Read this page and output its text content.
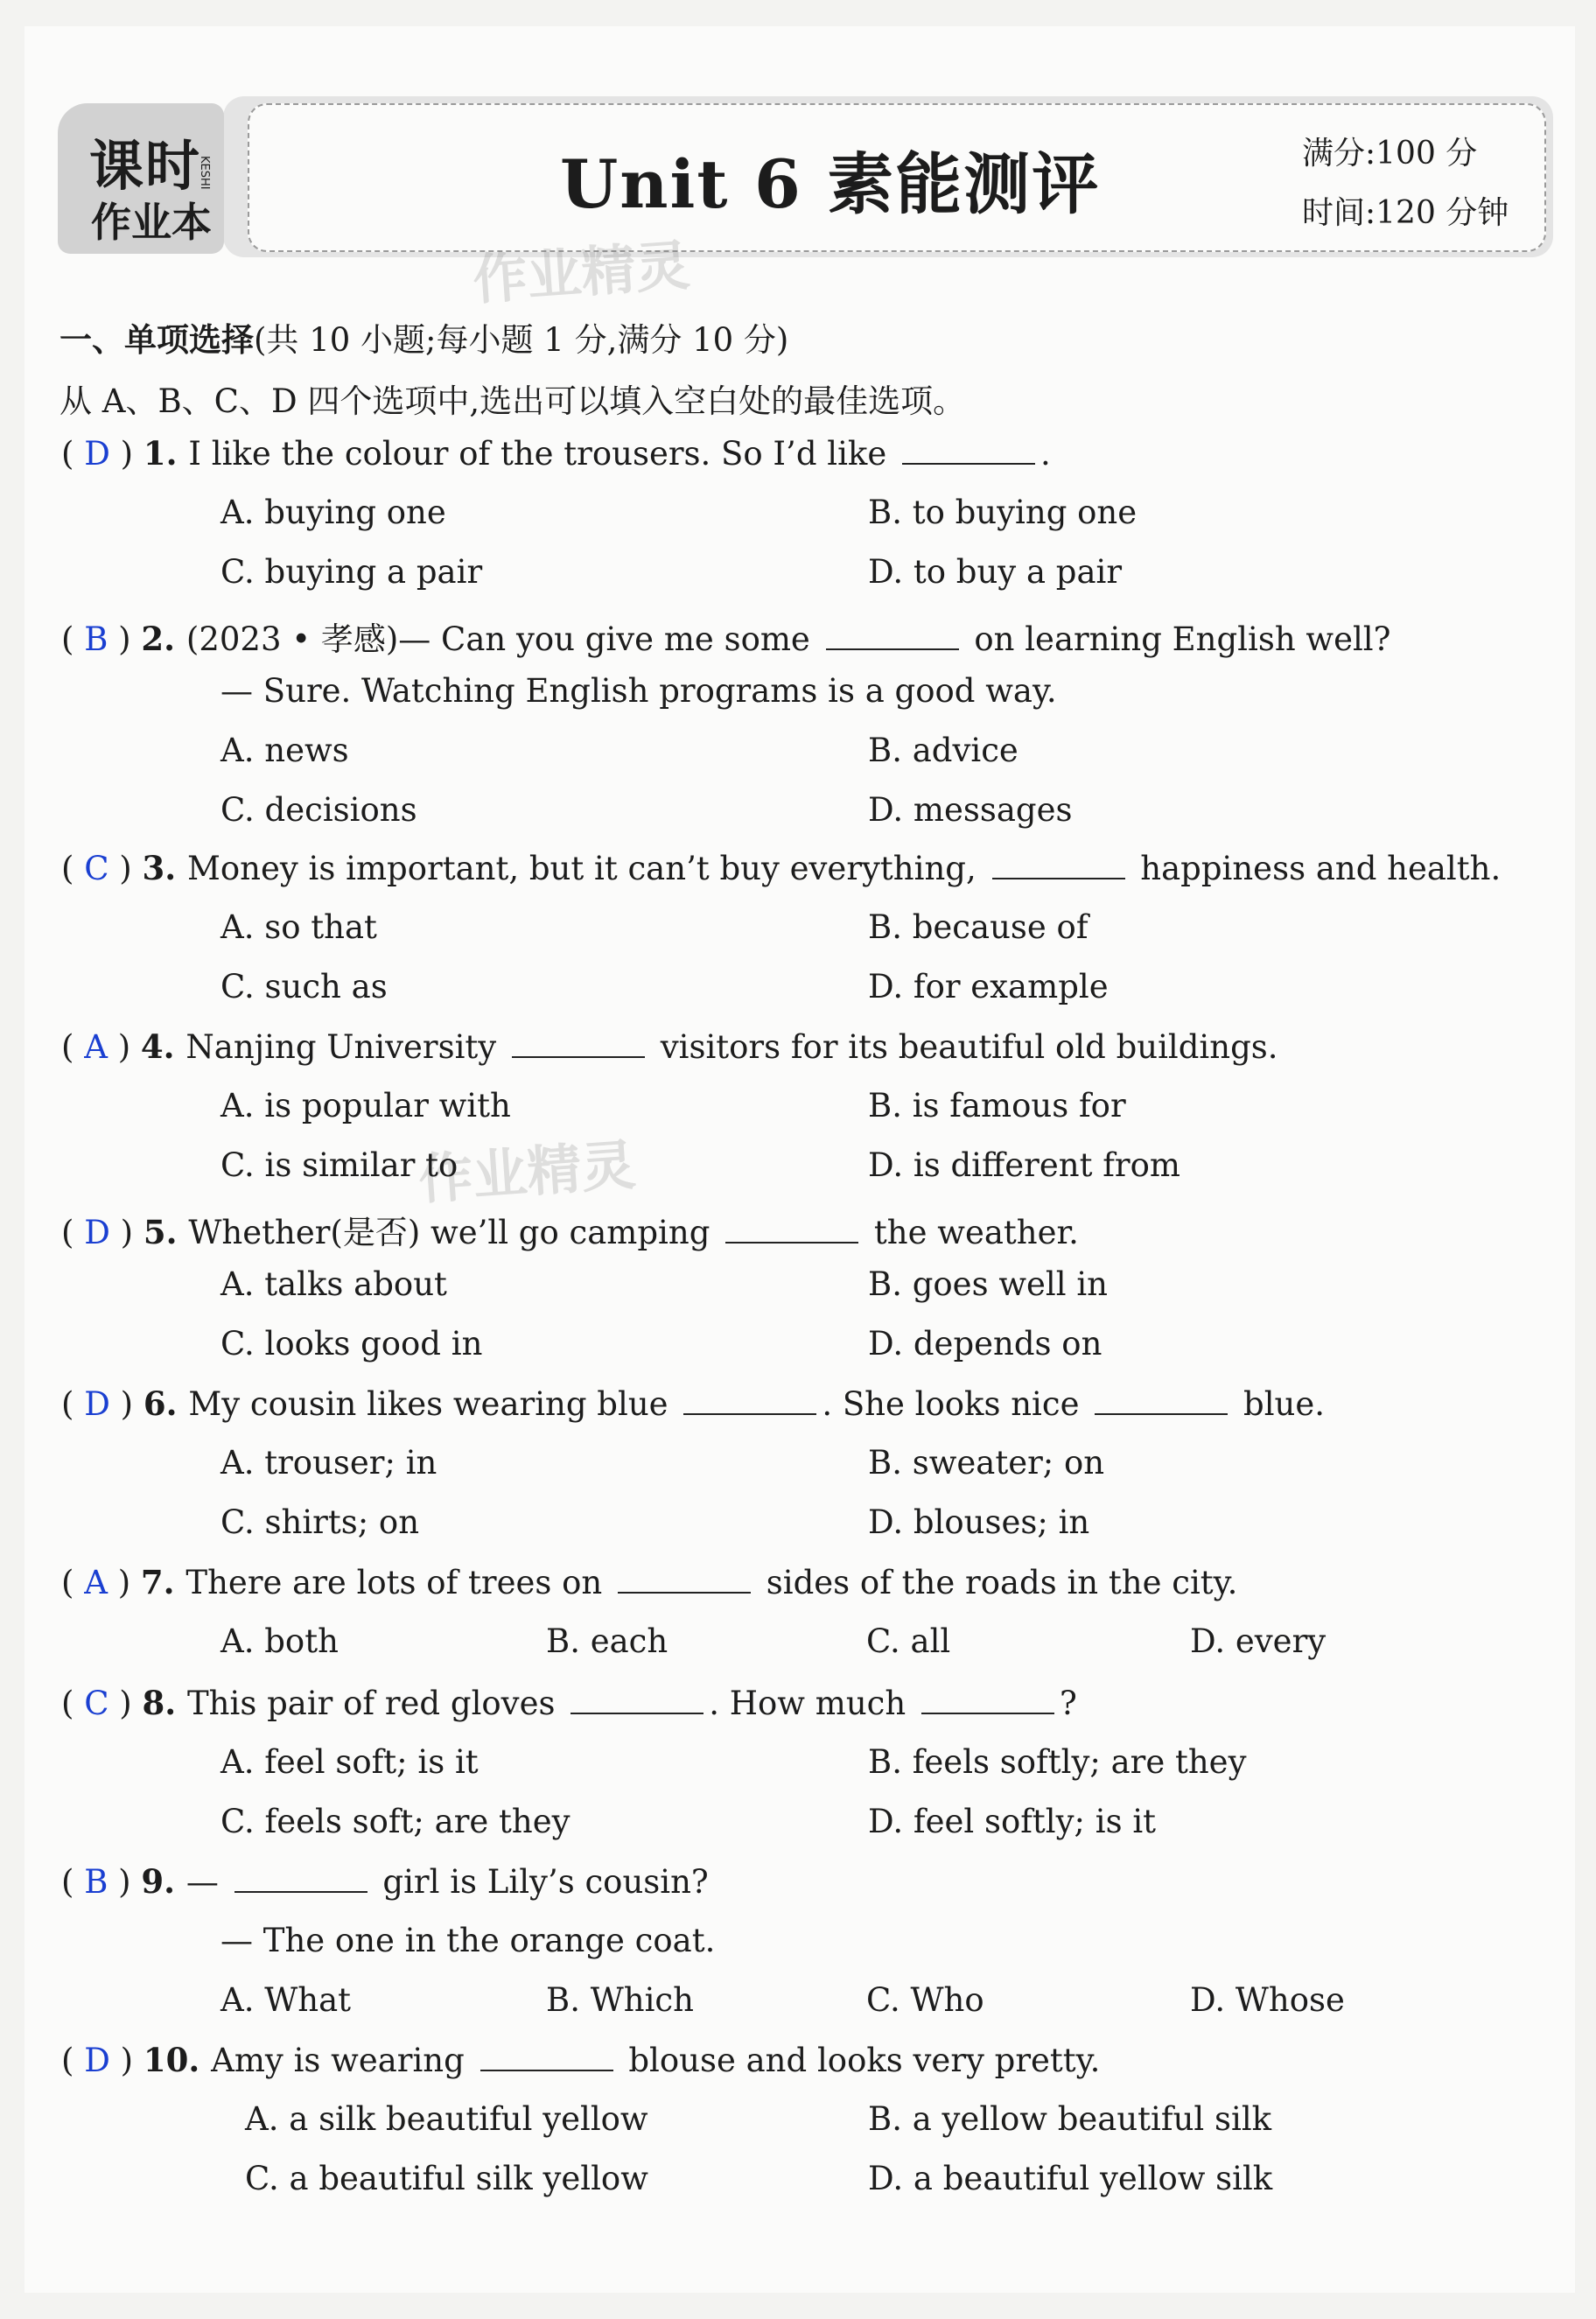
课时
作业本
KESHI	Unit 6 素能测评	满分:100 分
时间:120 分钟
作业精灵
作业精灵
一、单项选择(共 10 小题;每小题 1 分,满分 10 分)
从 A、B、C、D 四个选项中,选出可以填入空白处的最佳选项。
( D ) 1. I like the colour of the trousers. So I’d like	.
A. buying one	B. to buying one
C. buying a pair	D. to buy a pair
( B ) 2. (2023 • 孝感)— Can you give me some	on learning English well?
— Sure. Watching English programs is a good way.
A. news	B. advice
C. decisions	D. messages
( C ) 3. Money is important, but it can’t buy everything,	happiness and health.
A. so that	B. because of
C. such as	D. for example
( A ) 4. Nanjing University	visitors for its beautiful old buildings.
A. is popular with	B. is famous for
C. is similar to	D. is different from
( D ) 5. Whether(是否) we’ll go camping	the weather.
A. talks about	B. goes well in
C. looks good in	D. depends on
( D ) 6. My cousin likes wearing blue	. She looks nice	blue.
A. trouser; in	B. sweater; on
C. shirts; on	D. blouses; in
( A ) 7. There are lots of trees on	sides of the roads in the city.
A. both	B. each	C. all	D. every
( C ) 8. This pair of red gloves	. How much	?
A. feel soft; is it	B. feels softly; are they
C. feels soft; are they	D. feel softly; is it
( B ) 9. —	girl is Lily’s cousin?
— The one in the orange coat.
A. What	B. Which	C. Who	D. Whose
( D ) 10. Amy is wearing	blouse and looks very pretty.
A. a silk beautiful yellow	B. a yellow beautiful silk
C. a beautiful silk yellow	D. a beautiful yellow silk
